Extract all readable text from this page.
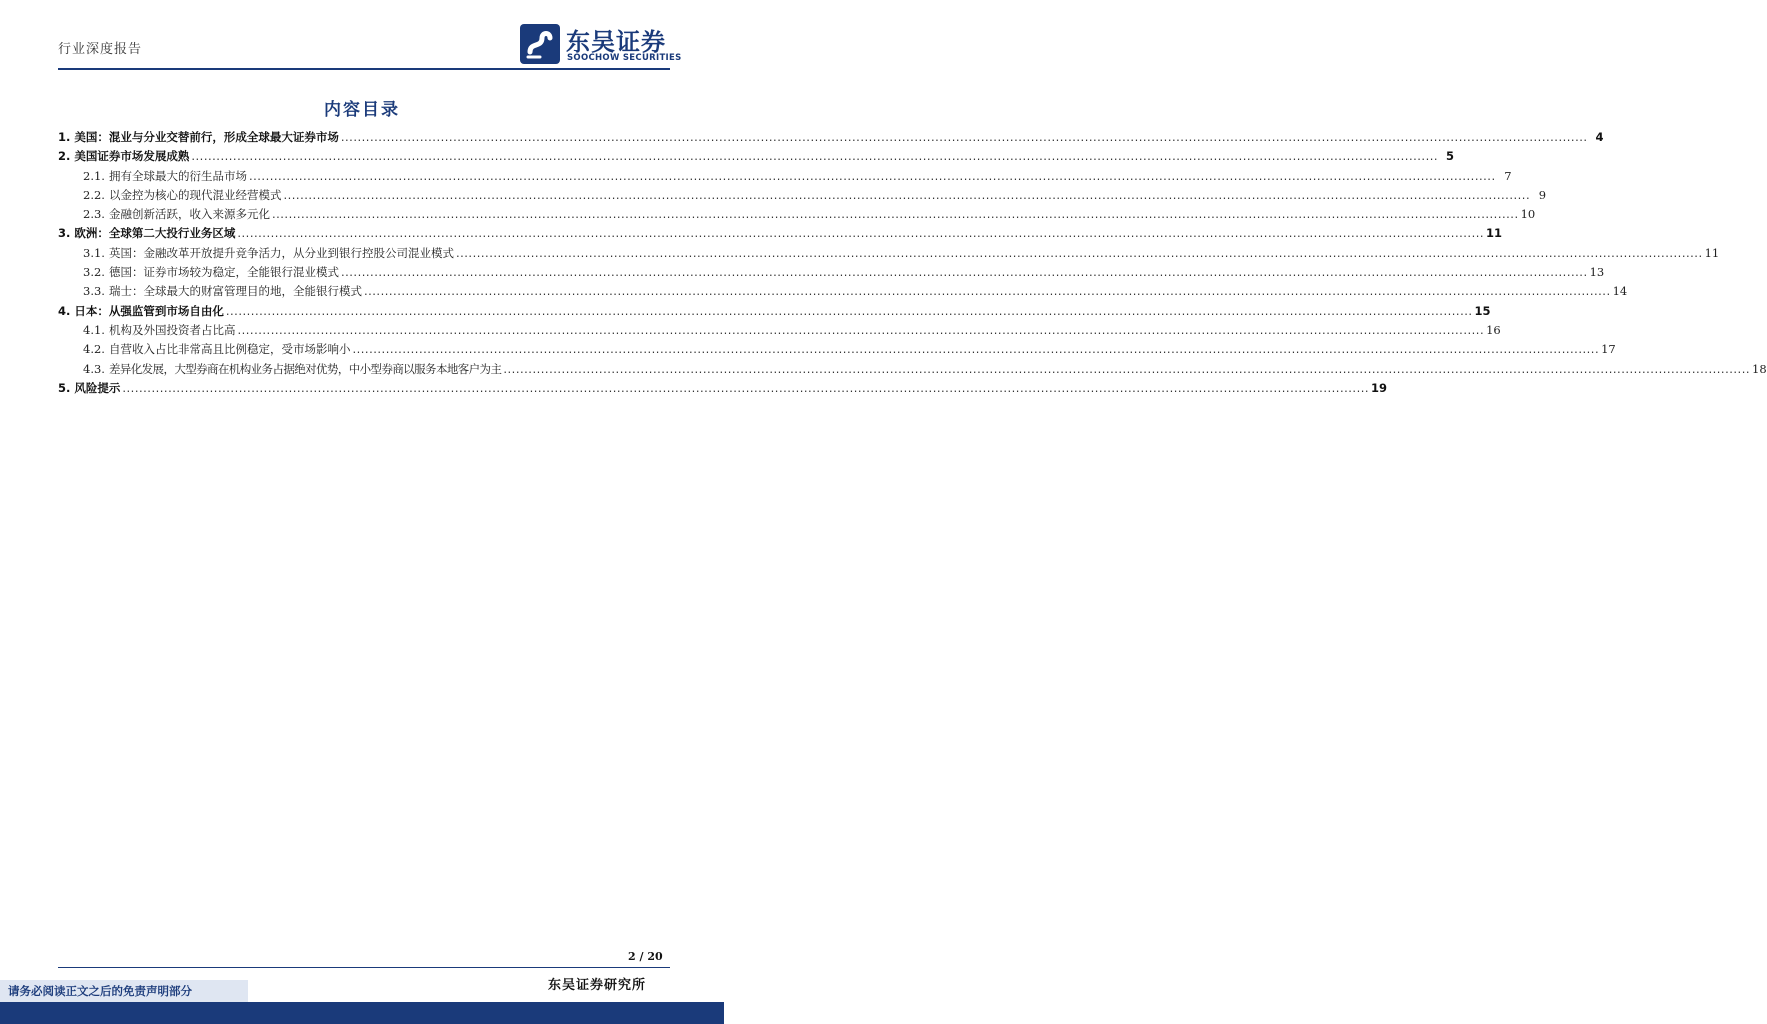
行业深度报告	东吴证券
SOOCHOW SECURITIES
内容目录
1. 美国：混业与分业交替前行，形成全球最大证券市场 ............................................................................................................................................................................................................................................................................................................ 4
2. 美国证券市场发展成熟 ............................................................................................................................................................................................................................................................................................................ 5
2.1. 拥有全球最大的衍生品市场 ............................................................................................................................................................................................................................................................................................................ 7
2.2. 以金控为核心的现代混业经营模式 ............................................................................................................................................................................................................................................................................................................ 9
2.3. 金融创新活跃，收入来源多元化 ............................................................................................................................................................................................................................................................................................................ 10
3. 欧洲：全球第二大投行业务区域 ............................................................................................................................................................................................................................................................................................................ 11
3.1. 英国：金融改革开放提升竞争活力，从分业到银行控股公司混业模式 ............................................................................................................................................................................................................................................................................................................ 11
3.2. 德国：证券市场较为稳定，全能银行混业模式 ............................................................................................................................................................................................................................................................................................................ 13
3.3. 瑞士：全球最大的财富管理目的地，全能银行模式 ............................................................................................................................................................................................................................................................................................................ 14
4. 日本：从强监管到市场自由化 ............................................................................................................................................................................................................................................................................................................ 15
4.1. 机构及外国投资者占比高 ............................................................................................................................................................................................................................................................................................................ 16
4.2. 自营收入占比非常高且比例稳定，受市场影响小 ............................................................................................................................................................................................................................................................................................................ 17
4.3. 差异化发展，大型券商在机构业务占据绝对优势，中小型券商以服务本地客户为主 ............................................................................................................................................................................................................................................................................................................ 18
5. 风险提示 ............................................................................................................................................................................................................................................................................................................ 19
2 / 20
东吴证券研究所
请务必阅读正文之后的免责声明部分
